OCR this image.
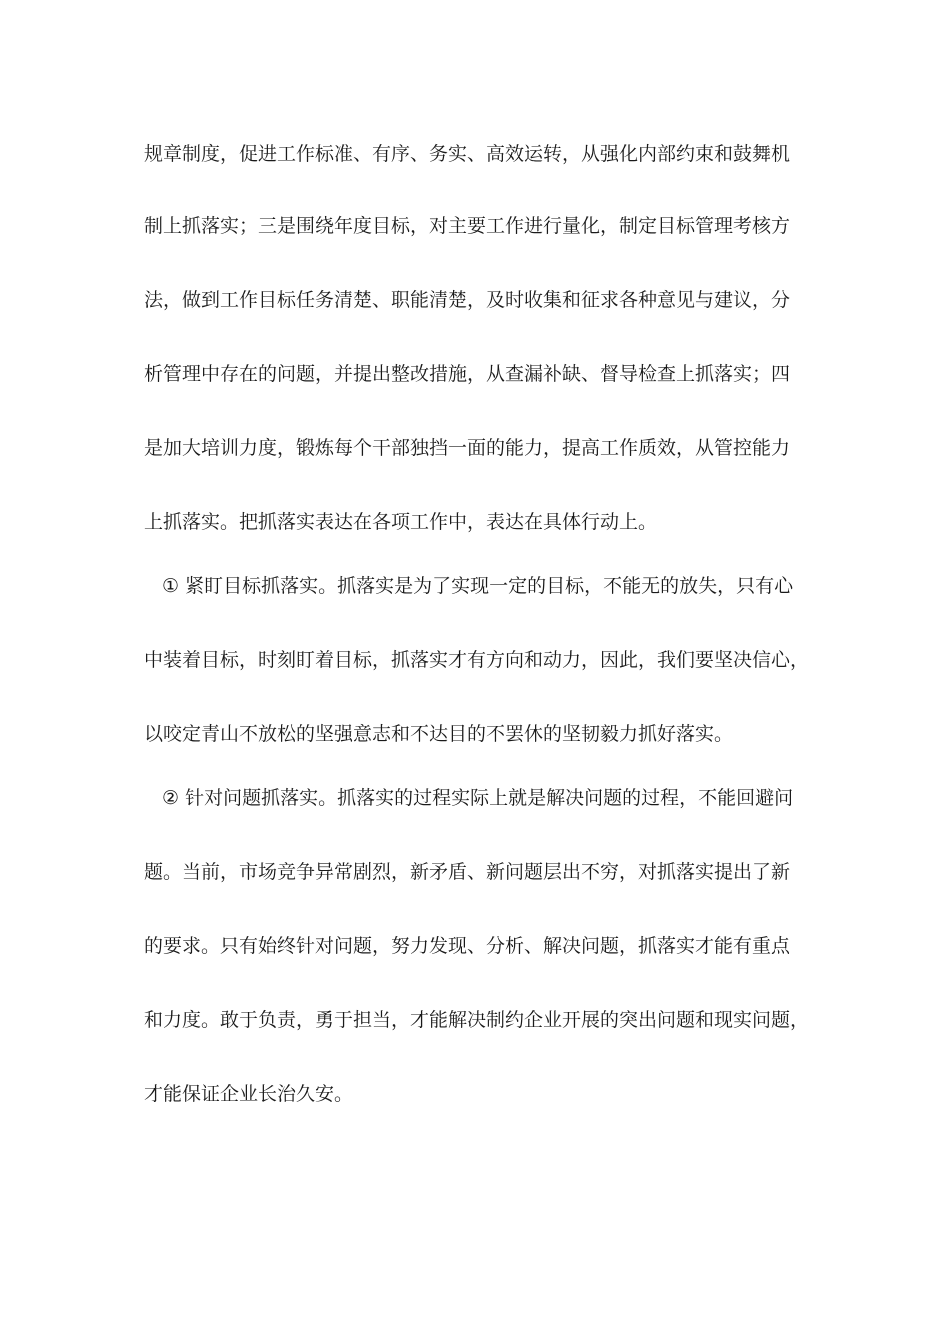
规章制度，促进工作标准、有序、务实、高效运转，从强化内部约束和鼓舞机
制上抓落实；三是围绕年度目标，对主要工作进行量化，制定目标管理考核方
法，做到工作目标任务清楚、职能清楚，及时收集和征求各种意见与建议，分
析管理中存在的问题，并提出整改措施，从查漏补缺、督导检查上抓落实；四
是加大培训力度，锻炼每个干部独挡一面的能力，提高工作质效，从管控能力
上抓落实。把抓落实表达在各项工作中，表达在具体行动上。
① 紧盯目标抓落实。抓落实是为了实现一定的目标，不能无的放失，只有心
中装着目标，时刻盯着目标，抓落实才有方向和动力，因此，我们要坚决信心，
以咬定青山不放松的坚强意志和不达目的不罢休的坚韧毅力抓好落实。
② 针对问题抓落实。抓落实的过程实际上就是解决问题的过程，不能回避问
题。当前，市场竞争异常剧烈，新矛盾、新问题层出不穷，对抓落实提出了新
的要求。只有始终针对问题，努力发现、分析、解决问题，抓落实才能有重点
和力度。敢于负责，勇于担当，才能解决制约企业开展的突出问题和现实问题，
才能保证企业长治久安。
